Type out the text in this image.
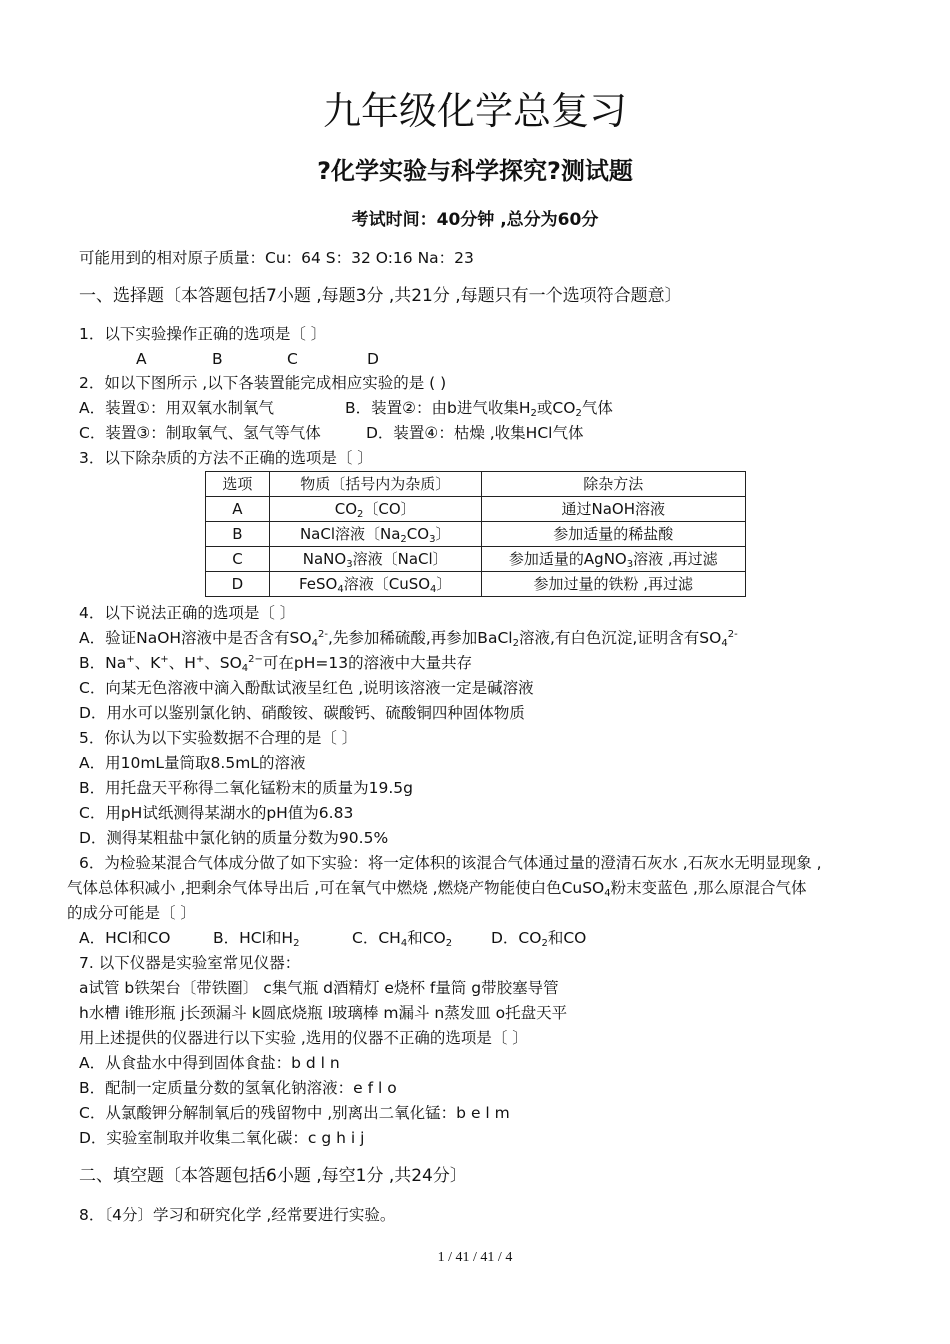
九年级化学总复习
?化学实验与科学探究?测试题
考试时间：40分钟 ,总分为60分
可能用到的相对原子质量：Cu：64 S：32 O:16 Na：23
一、选择题〔本答题包括7小题 ,每题3分 ,共21分 ,每题只有一个选项符合题意〕
1．以下实验操作正确的选项是〔 〕
A	B	C	D
2．如以下图所示 ,以下各装置能完成相应实验的是 ( )
A．装置①：用双氧水制氧气	B．装置②：由b进气收集$H_2$或$CO_2$气体
C．装置③：制取氧气、氢气等气体	D．装置④：枯燥 ,收集HCl气体
3．以下除杂质的方法不正确的选项是〔 〕
选项	物质〔括号内为杂质〕	除杂方法
A	$CO_2$〔CO〕	通过NaOH溶液
B	NaCl溶液〔$Na_2CO_3$〕	参加适量的稀盐酸
C	NaNO$_3$溶液〔NaCl〕	参加适量的AgNO$_3$溶液 ,再过滤
D	FeSO$_4$溶液〔CuSO$_4$〕	参加过量的铁粉 ,再过滤
4．以下说法正确的选项是〔 〕
A．验证NaOH溶液中是否含有$SO_4^{2-}$,先参加稀硫酸,再参加BaCl$_2$溶液,有白色沉淀,证明含有$SO_4^{2-}$
B．Na+、K+、H+、$SO_4^{2-}$可在pH=13的溶液中大量共存
C．向某无色溶液中滴入酚酞试液呈红色 ,说明该溶液一定是碱溶液
D．用水可以鉴别氯化钠、硝酸铵、碳酸钙、硫酸铜四种固体物质
5．你认为以下实验数据不合理的是〔 〕
A．用10mL量筒取8.5mL的溶液
B．用托盘天平称得二氧化锰粉末的质量为19.5g
C．用pH试纸测得某湖水的pH值为6.83
D．测得某粗盐中氯化钠的质量分数为90.5%
6．为检验某混合气体成分做了如下实验：将一定体积的该混合气体通过量的澄清石灰水 ,石灰水无明显现象 ,
气体总体积减小 ,把剩余气体导出后 ,可在氧气中燃烧 ,燃烧产物能使白色CuSO$_4$粉末变蓝色 ,那么原混合气体
的成分可能是〔 〕
A．HCl和CO	B．HCl和$H_2$	C．$CH_4$和$CO_2$	D．$CO_2$和CO
7. 以下仪器是实验室常见仪器：
a试管 b铁架台〔带铁圈〕 c集气瓶 d酒精灯 e烧杯 f量筒 g带胶塞导管
h水槽 i锥形瓶 j长颈漏斗 k圆底烧瓶 l玻璃棒 m漏斗 n蒸发皿 o托盘天平
用上述提供的仪器进行以下实验 ,选用的仪器不正确的选项是〔 〕
A．从食盐水中得到固体食盐：b d l n
B．配制一定质量分数的氢氧化钠溶液：e f l o
C．从氯酸钾分解制氧后的残留物中 ,别离出二氧化锰：b e l m
D．实验室制取并收集二氧化碳：c g h i j
二、填空题〔本答题包括6小题 ,每空1分 ,共24分〕
8．〔4分〕学习和研究化学 ,经常要进行实验。
1 / 41 / 41 / 4
